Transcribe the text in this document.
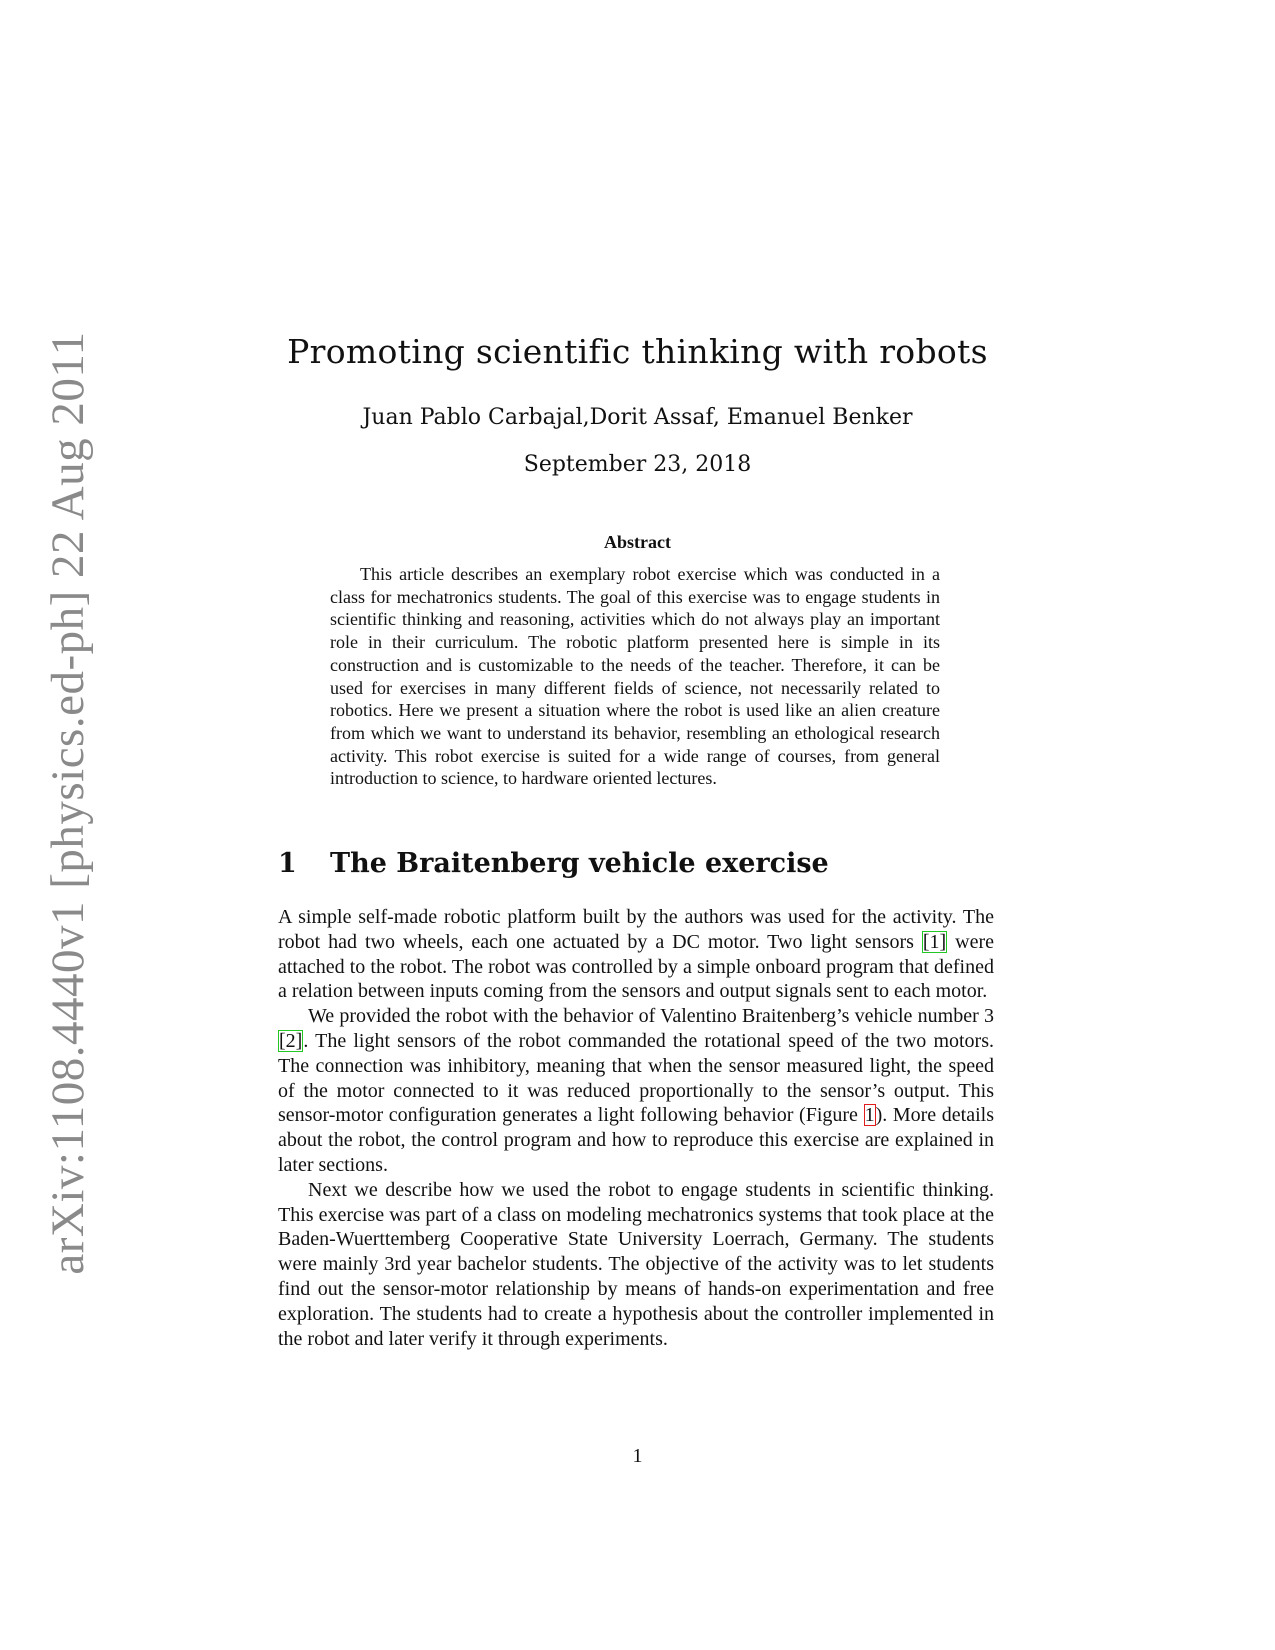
arXiv:1108.4440v1 [physics.ed-ph] 22 Aug 2011	Promoting scientific thinking with robots
Juan Pablo Carbajal,Dorit Assaf, Emanuel Benker
September 23, 2018
Abstract
This article describes an exemplary robot exercise which was conducted in a class for mechatronics students. The goal of this exercise was to engage students in scientific thinking and reasoning, activities which do not always play an important role in their curriculum. The robotic platform presented here is simple in its construction and is customizable to the needs of the teacher. Therefore, it can be used for exercises in many different fields of science, not necessarily related to robotics. Here we present a situation where the robot is used like an alien creature from which we want to understand its behavior, resembling an ethological research activity. This robot exercise is suited for a wide range of courses, from general introduction to science, to hardware oriented lectures.
1 The Braitenberg vehicle exercise

A simple self-made robotic platform built by the authors was used for the activity. The robot had two wheels, each one actuated by a DC motor. Two light sensors [1] were attached to the robot. The robot was controlled by a simple onboard program that defined a relation between inputs coming from the sensors and output signals sent to each motor.

We provided the robot with the behavior of Valentino Braitenberg’s vehicle number 3 [2]. The light sensors of the robot commanded the rotational speed of the two motors. The connection was inhibitory, meaning that when the sensor measured light, the speed of the motor connected to it was reduced proportionally to the sensor’s output. This sensor-motor configuration generates a light following behavior (Figure 1). More details about the robot, the control program and how to reproduce this exercise are explained in later sections.

Next we describe how we used the robot to engage students in scientific thinking. This exercise was part of a class on modeling mechatronics systems that took place at the Baden-Wuerttemberg Cooperative State University Loerrach, Germany. The students were mainly 3rd year bachelor students. The objective of the activity was to let students find out the sensor-motor relationship by means of hands-on experimentation and free exploration. The students had to create a hypothesis about the controller implemented in the robot and later verify it through experiments.

1
